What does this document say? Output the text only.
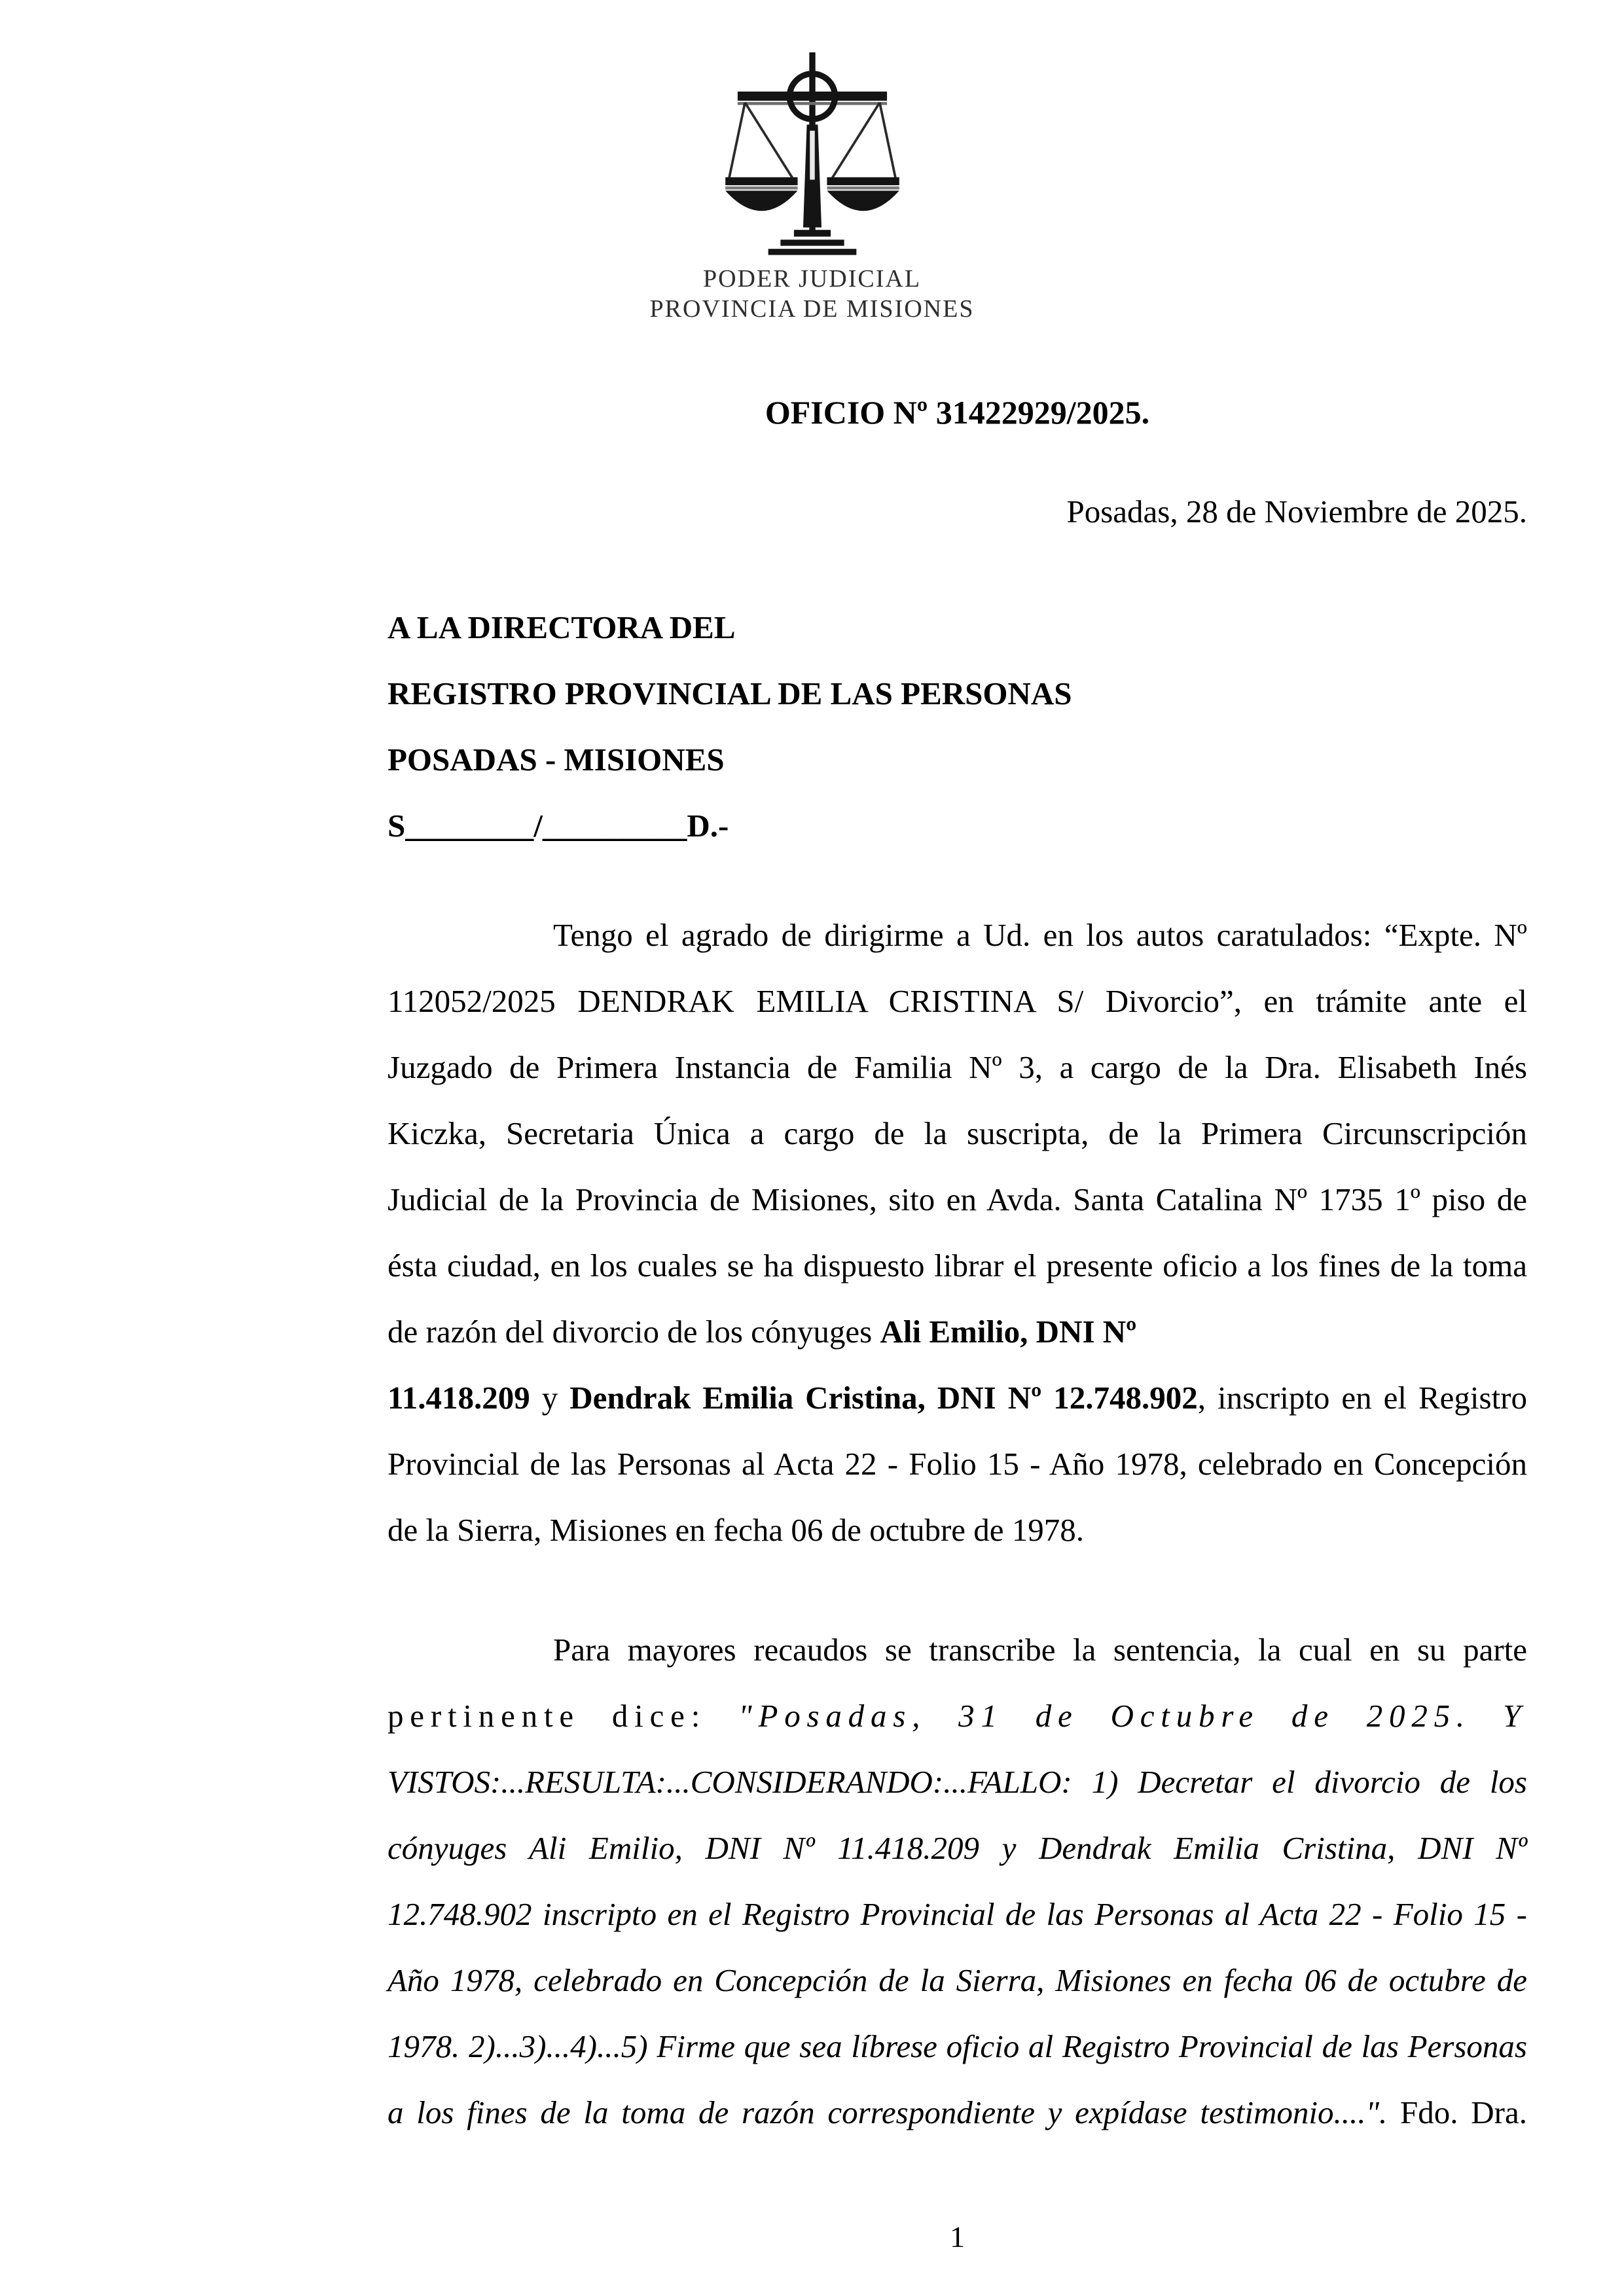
PODER JUDICIAL
PROVINCIA DE MISIONES
OFICIO Nº 31422929/2025.
Posadas, 28 de Noviembre de 2025.
A LA DIRECTORA DEL
REGISTRO PROVINCIAL DE LAS PERSONAS
POSADAS - MISIONES
S________/_________D.-
Tengo el agrado de dirigirme a Ud. en los autos caratulados: “Expte. Nº
112052/2025 DENDRAK EMILIA CRISTINA S/ Divorcio”, en trámite ante el
Juzgado de Primera Instancia de Familia Nº 3, a cargo de la Dra. Elisabeth Inés
Kiczka, Secretaria Única a cargo de la suscripta, de la Primera Circunscripción
Judicial de la Provincia de Misiones, sito en Avda. Santa Catalina Nº 1735 1º piso de
ésta ciudad, en los cuales se ha dispuesto librar el presente oficio a los fines de la toma
de razón del divorcio de los cónyuges Ali Emilio, DNI Nº
11.418.209 y Dendrak Emilia Cristina, DNI Nº 12.748.902, inscripto en el Registro
Provincial de las Personas al Acta 22 - Folio 15 - Año 1978, celebrado en Concepción
de la Sierra, Misiones en fecha 06 de octubre de 1978.
Para mayores recaudos se transcribe la sentencia, la cual en su parte
pertinente dice: "Posadas, 31 de Octubre de 2025. Y
VISTOS:...RESULTA:...CONSIDERANDO:...FALLO: 1) Decretar el divorcio de los
cónyuges Ali Emilio, DNI Nº 11.418.209 y Dendrak Emilia Cristina, DNI Nº
12.748.902 inscripto en el Registro Provincial de las Personas al Acta 22 - Folio 15 -
Año 1978, celebrado en Concepción de la Sierra, Misiones en fecha 06 de octubre de
1978. 2)...3)...4)...5) Firme que sea líbrese oficio al Registro Provincial de las Personas
a los fines de la toma de razón correspondiente y expídase testimonio....". Fdo. Dra.
1
